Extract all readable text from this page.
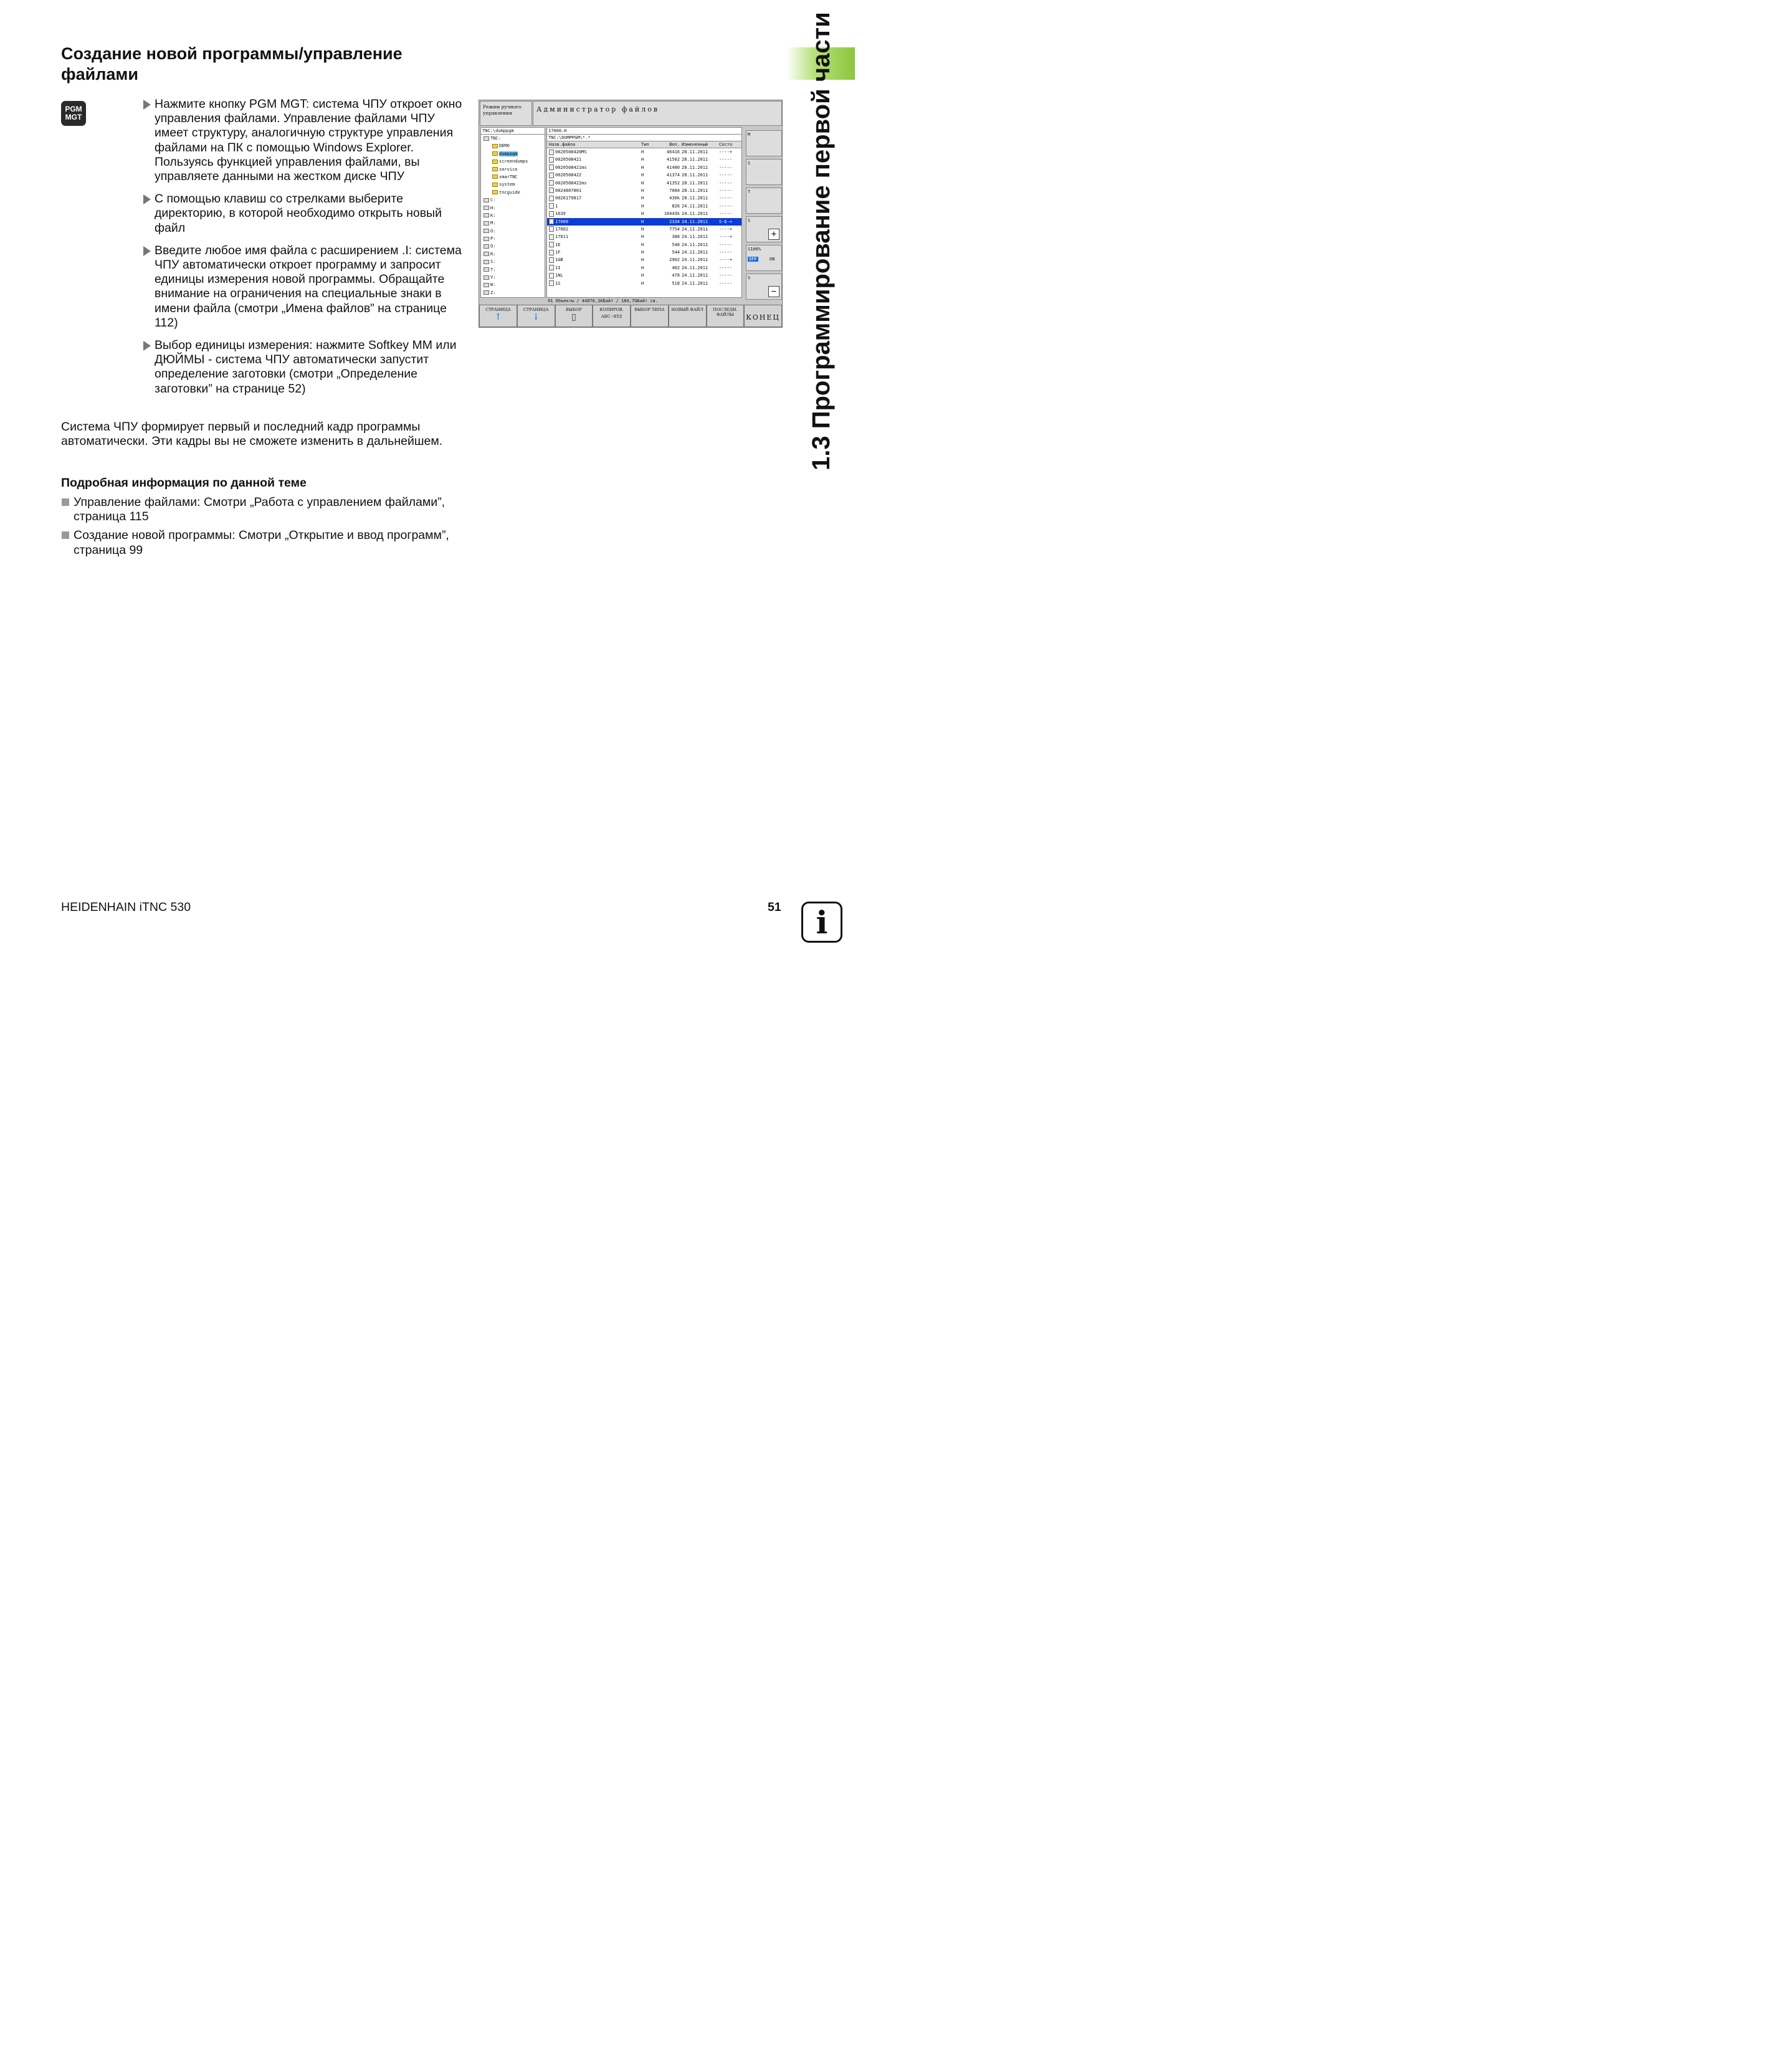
Создание новой программы/управление файлами
PGM
MGT
Нажмите кнопку PGM MGT: система ЧПУ откроет окно управления файлами. Управление файлами ЧПУ имеет структуру, аналогичную структуре управления файлами на ПК с помощью Windows Explorer. Пользуясь функцией управления файлами, вы управляете данными на жестком диске ЧПУ
С помощью клавиш со стрелками выберите директорию, в которой необходимо открыть новый файл
Введите любое имя файла с расширением .I: система ЧПУ автоматически откроет программу и запросит единицы измерения новой программы. Обращайте внимание на ограничения на специальные знаки в имени файла (смотри „Имена файлов” на странице 112)
Выбор единицы измерения: нажмите Softkey MM или ДЮЙМЫ - система ЧПУ автоматически запустит определение заготовки (смотри „Определение заготовки” на странице 52)
Система ЧПУ формирует первый и последний кадр программы автоматически. Эти кадры вы не сможете изменить в дальнейшем.
Подробная информация по данной теме
Управление файлами: Смотри „Работа с управлением файлами”, страница 115
Создание новой программы: Смотри „Открытие и ввод программ”, страница 99
1.3 Программирование первой части
Режим ручного управления	Администратор файлов
TNC:\dumppgm
TNC:
DEMO
dumppgm
screendumps
service
smarTNC
system
tncguide
C:
H:
K:
M:
O:
P:
Q:
R:
S:
T:
V:
W:
Z:
17000.H
TNC:\DUMPPGM\*.*
Назв.файла	Тип	Вел. Измененный	Состо
0020508420MS	H	46416 28.11.2011	----+
0020508421	H	41502 28.11.2011	-----
0020508421ms	H	41480 28.11.2011	-----
0020508422	H	41374 28.11.2011	-----
0020508422ms	H	41352 28.11.2011	-----
0024807801	H	7084 28.11.2011	-----
0026179817	H	430k 28.11.2011	-----
1	H	826 24.11.2011	-----
1639	H	10443k 24.11.2011	-----
17000	H	2334 24.11.2011	S-E-+
17002	H	7754 24.11.2011	----+
17011	H	388 24.11.2011	----+
1E	H	548 24.11.2011	-----
1F	H	544 24.11.2011	-----
1GB	H	2902 24.11.2011	----+
1I	H	402 24.11.2011	-----
1NL	H	478 24.11.2011	-----
1S	H	518 24.11.2011	-----
91 Объекты / 44876,1КБайт / 184,7GБайт св.
M
S
T
S
+
S100%

OFF	ON
S
−
СТРАНИЦА
↑
СТРАНИЦА
↓
ВЫБОР
▯
КОПИРОВ.
ABC→XYZ
ВЫБОР ТИПА	НОВЫЙ ФАЙЛ	ПОСЛЕДН. ФАЙЛЫ	КОНЕЦ
HEIDENHAIN iTNC 530	51	i
